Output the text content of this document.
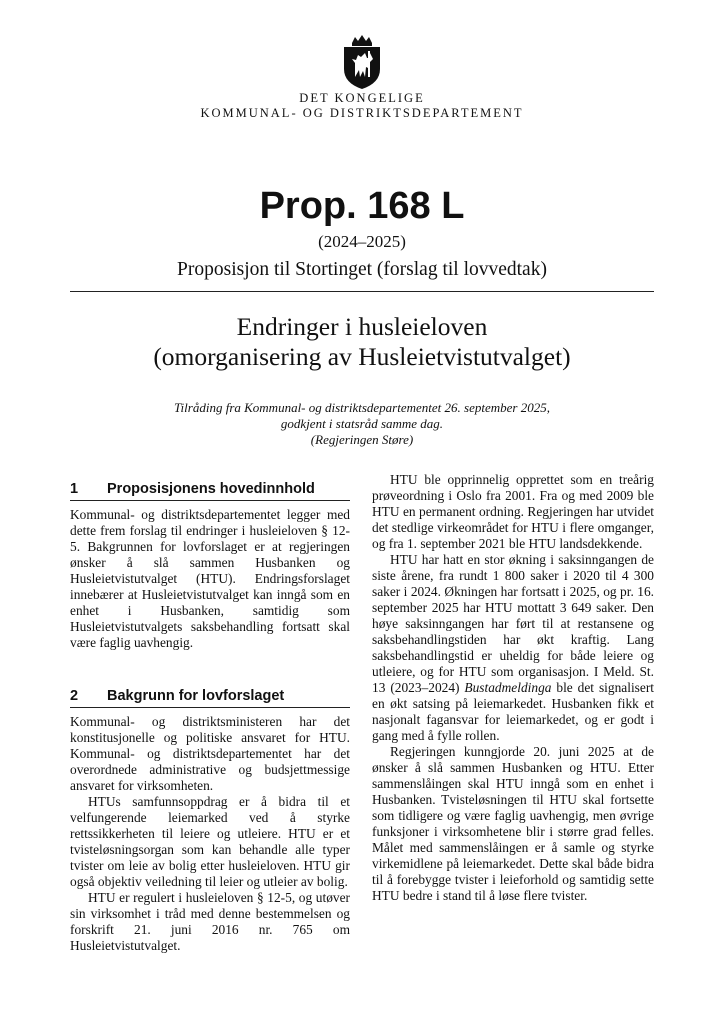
DET KONGELIGE
KOMMUNAL- OG DISTRIKTSDEPARTEMENT
Prop. 168 L
(2024–2025)
Proposisjon til Stortinget (forslag til lovvedtak)
Endringer i husleieloven
(omorganisering av Husleietvistutvalget)
Tilråding fra Kommunal- og distriktsdepartementet 26. september 2025,
godkjent i statsråd samme dag.
(Regjeringen Støre)
1	Proposisjonens hovedinnhold

Kommunal- og distriktsdepartementet legger med dette frem forslag til endringer i husleieloven § 12-5. Bakgrunnen for lovforslaget er at regjeringen ønsker å slå sammen Husbanken og Husleietvistutvalget (HTU). Endringsforslaget innebærer at Husleietvistutvalget kan inngå som en enhet i Husbanken, samtidig som Husleietvistutvalgets saksbehandling fortsatt skal være faglig uavhengig.

2	Bakgrunn for lovforslaget

Kommunal- og distriktsministeren har det konstitusjonelle og politiske ansvaret for HTU. Kommunal- og distriktsdepartementet har det overordnede administrative og budsjettmessige ansvaret for virksomheten.

HTUs samfunnsoppdrag er å bidra til et velfungerende leiemarked ved å styrke rettssikkerheten til leiere og utleiere. HTU er et tvisteløsningsorgan som kan behandle alle typer tvister om leie av bolig etter husleieloven. HTU gir også objektiv veiledning til leier og utleier av bolig.

HTU er regulert i husleieloven § 12-5, og utøver sin virksomhet i tråd med denne bestemmelsen og forskrift 21. juni 2016 nr. 765 om Husleietvistutvalget.

HTU ble opprinnelig opprettet som en treårig prøveordning i Oslo fra 2001. Fra og med 2009 ble HTU en permanent ordning. Regjeringen har utvidet det stedlige virkeområdet for HTU i flere omganger, og fra 1. september 2021 ble HTU landsdekkende.

HTU har hatt en stor økning i saksinngangen de siste årene, fra rundt 1 800 saker i 2020 til 4 300 saker i 2024. Økningen har fortsatt i 2025, og pr. 16. september 2025 har HTU mottatt 3 649 saker. Den høye saksinngangen har ført til at restansene og saksbehandlingstiden har økt kraftig. Lang saksbehandlingstid er uheldig for både leiere og utleiere, og for HTU som organisasjon. I Meld. St. 13 (2023–2024) Bustadmeldinga ble det signalisert en økt satsing på leiemarkedet. Husbanken fikk et nasjonalt fagansvar for leiemarkedet, og er godt i gang med å fylle rollen.

Regjeringen kunngjorde 20. juni 2025 at de ønsker å slå sammen Husbanken og HTU. Etter sammenslåingen skal HTU inngå som en enhet i Husbanken. Tvisteløsningen til HTU skal fortsette som tidligere og være faglig uavhengig, men øvrige funksjoner i virksomhetene blir i større grad felles. Målet med sammenslåingen er å samle og styrke virkemidlene på leiemarkedet. Dette skal både bidra til å forebygge tvister i leieforhold og samtidig sette HTU bedre i stand til å løse flere tvister.
